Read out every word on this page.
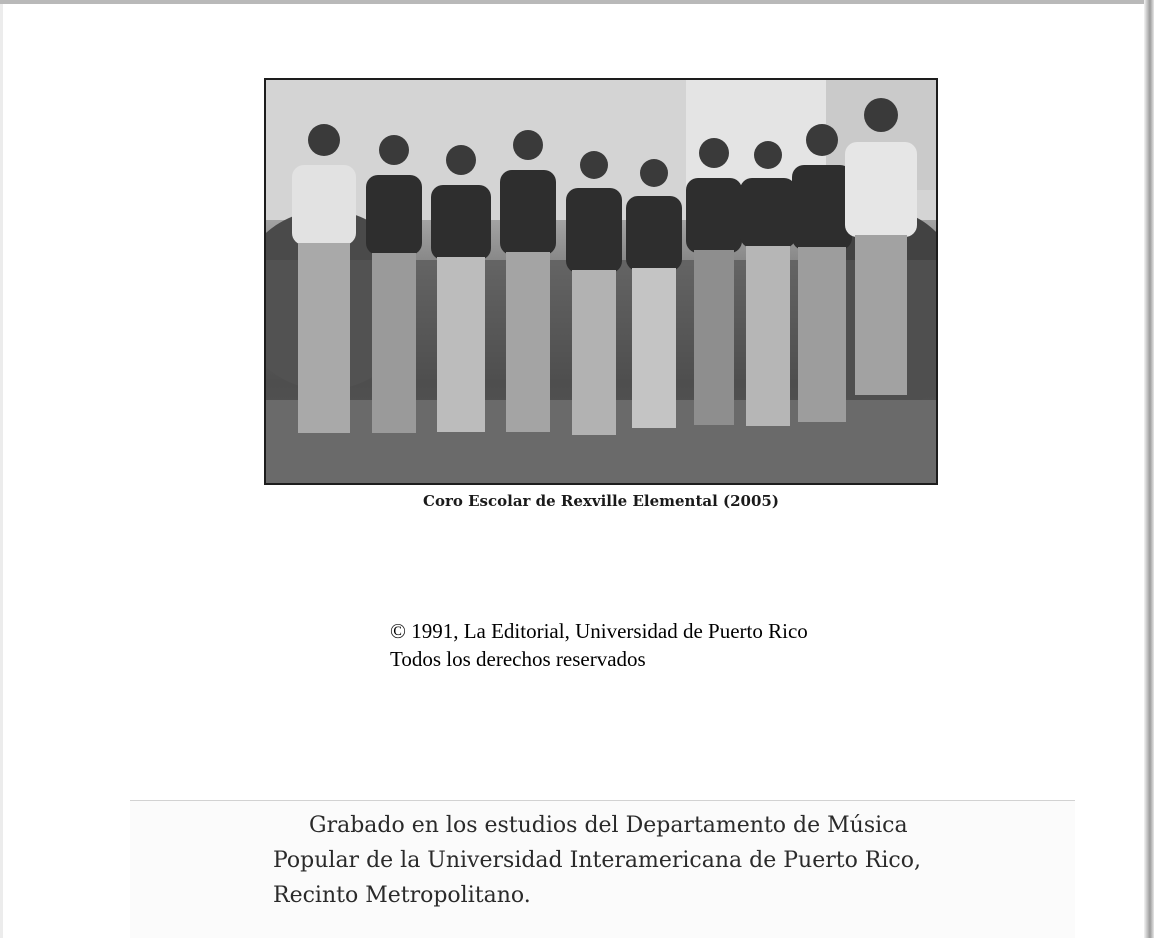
Coro Escolar de Rexville Elemental (2005)
© 1991, La Editorial, Universidad de Puerto Rico
Todos los derechos reservados
Grabado en los estudios del Departamento de Música
Popular de la Universidad Interamericana de Puerto Rico,
Recinto Metropolitano.
